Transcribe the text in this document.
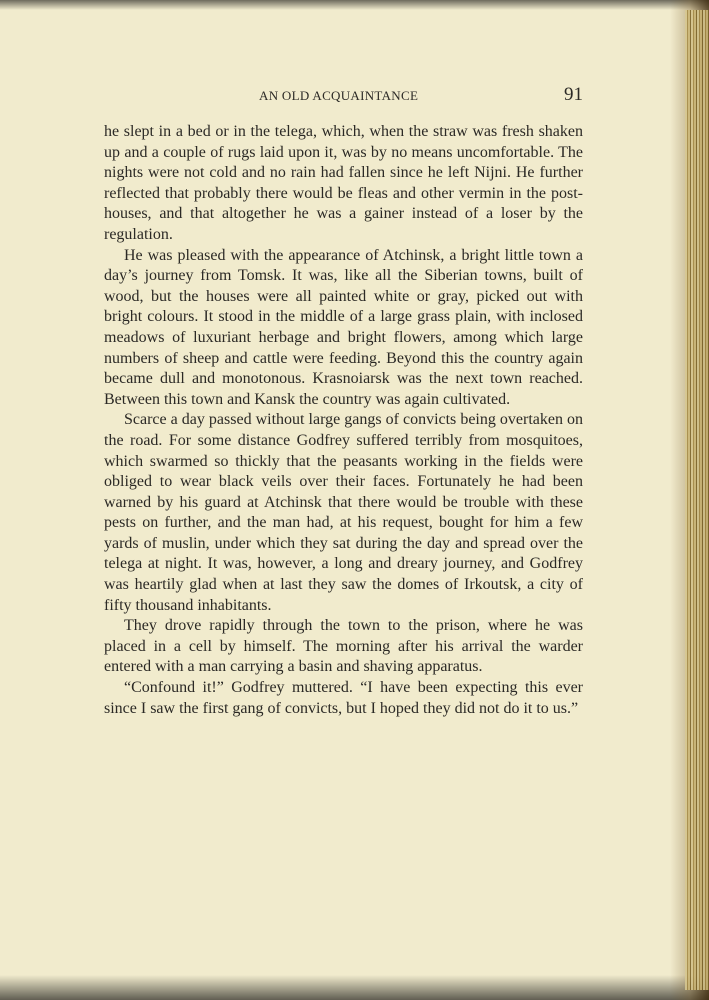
AN OLD ACQUAINTANCE	91

he slept in a bed or in the telega, which, when the straw was fresh shaken up and a couple of rugs laid upon it, was by no means uncomfortable. The nights were not cold and no rain had fallen since he left Nijni. He further reflected that probably there would be fleas and other vermin in the post-houses, and that altogether he was a gainer instead of a loser by the regulation.

He was pleased with the appearance of Atchinsk, a bright little town a day’s journey from Tomsk. It was, like all the Siberian towns, built of wood, but the houses were all painted white or gray, picked out with bright colours. It stood in the middle of a large grass plain, with inclosed meadows of luxuriant herbage and bright flowers, among which large numbers of sheep and cattle were feeding. Beyond this the country again became dull and monotonous. Krasnoiarsk was the next town reached. Between this town and Kansk the country was again cultivated.

Scarce a day passed without large gangs of convicts being overtaken on the road. For some distance Godfrey suffered terribly from mosquitoes, which swarmed so thickly that the peasants working in the fields were obliged to wear black veils over their faces. Fortunately he had been warned by his guard at Atchinsk that there would be trouble with these pests on further, and the man had, at his request, bought for him a few yards of muslin, under which they sat during the day and spread over the telega at night. It was, however, a long and dreary journey, and Godfrey was heartily glad when at last they saw the domes of Irkoutsk, a city of fifty thousand inhabitants.

They drove rapidly through the town to the prison, where he was placed in a cell by himself. The morning after his arrival the warder entered with a man carrying a basin and shaving apparatus.

“Confound it!” Godfrey muttered. “I have been expecting this ever since I saw the first gang of convicts, but I hoped they did not do it to us.”
